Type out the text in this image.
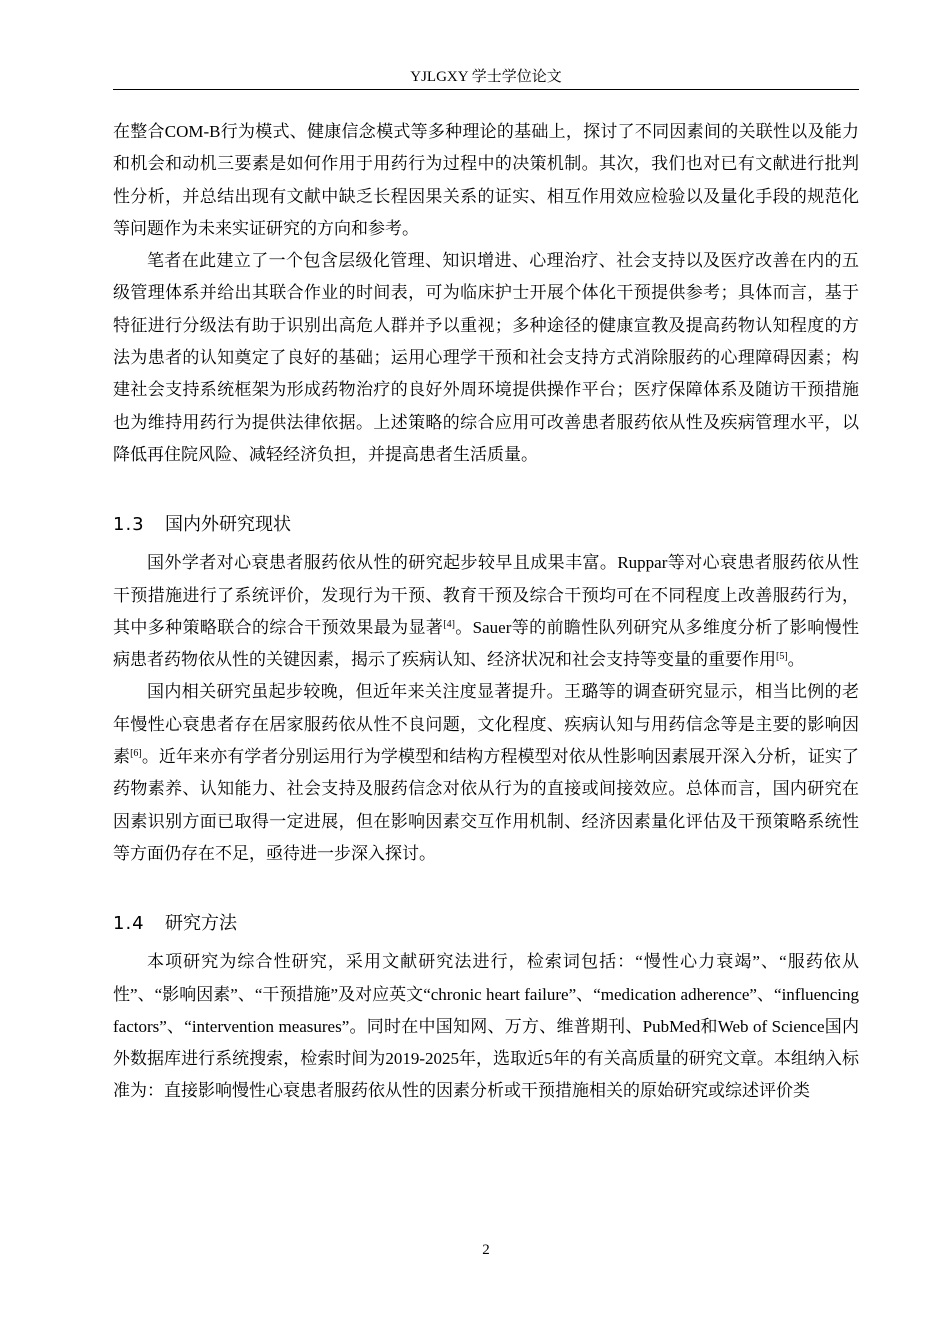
YJLGXY 学士学位论文

在整合COM-B行为模式、健康信念模式等多种理论的基础上，探讨了不同因素间的关联性以及能力和机会和动机三要素是如何作用于用药行为过程中的决策机制。其次，我们也对已有文献进行批判性分析，并总结出现有文献中缺乏长程因果关系的证实、相互作用效应检验以及量化手段的规范化等问题作为未来实证研究的方向和参考。

笔者在此建立了一个包含层级化管理、知识增进、心理治疗、社会支持以及医疗改善在内的五级管理体系并给出其联合作业的时间表，可为临床护士开展个体化干预提供参考；具体而言，基于特征进行分级法有助于识别出高危人群并予以重视；多种途径的健康宣教及提高药物认知程度的方法为患者的认知奠定了良好的基础；运用心理学干预和社会支持方式消除服药的心理障碍因素；构建社会支持系统框架为形成药物治疗的良好外周环境提供操作平台；医疗保障体系及随访干预措施也为维持用药行为提供法律依据。上述策略的综合应用可改善患者服药依从性及疾病管理水平，以降低再住院风险、减轻经济负担，并提高患者生活质量。

1.3 国内外研究现状

国外学者对心衰患者服药依从性的研究起步较早且成果丰富。Ruppar等对心衰患者服药依从性干预措施进行了系统评价，发现行为干预、教育干预及综合干预均可在不同程度上改善服药行为，其中多种策略联合的综合干预效果最为显著[4]。Sauer等的前瞻性队列研究从多维度分析了影响慢性病患者药物依从性的关键因素，揭示了疾病认知、经济状况和社会支持等变量的重要作用[5]。

国内相关研究虽起步较晚，但近年来关注度显著提升。王璐等的调查研究显示，相当比例的老年慢性心衰患者存在居家服药依从性不良问题，文化程度、疾病认知与用药信念等是主要的影响因素[6]。近年来亦有学者分别运用行为学模型和结构方程模型对依从性影响因素展开深入分析，证实了药物素养、认知能力、社会支持及服药信念对依从行为的直接或间接效应。总体而言，国内研究在因素识别方面已取得一定进展，但在影响因素交互作用机制、经济因素量化评估及干预策略系统性等方面仍存在不足，亟待进一步深入探讨。

1.4 研究方法

本项研究为综合性研究，采用文献研究法进行，检索词包括：“慢性心力衰竭”、“服药依从性”、“影响因素”、“干预措施”及对应英文“chronic heart failure”、“medication adherence”、“influencing factors”、“intervention measures”。同时在中国知网、万方、维普期刊、PubMed和Web of Science国内外数据库进行系统搜索，检索时间为2019-2025年，选取近5年的有关高质量的研究文章。本组纳入标准为：直接影响慢性心衰患者服药依从性的因素分析或干预措施相关的原始研究或综述评价类

2
